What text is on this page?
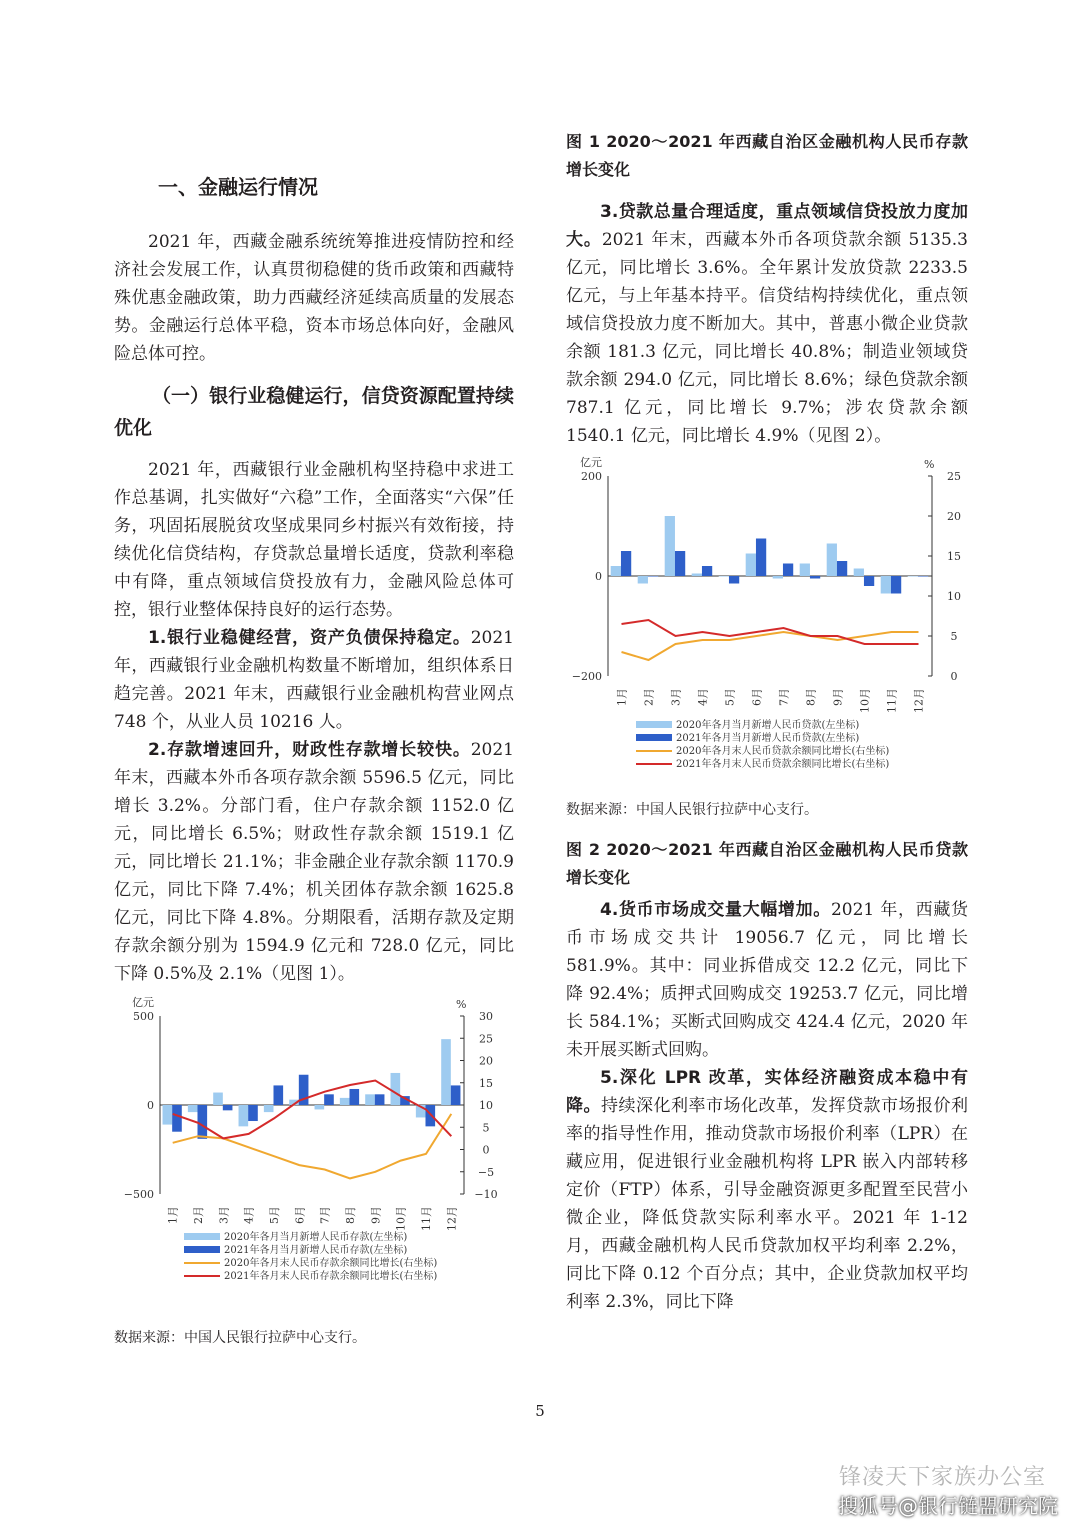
一、金融运行情况

2021 年，西藏金融系统统筹推进疫情防控和经济社会发展工作，认真贯彻稳健的货币政策和西藏特殊优惠金融政策，助力西藏经济延续高质量的发展态势。金融运行总体平稳，资本市场总体向好，金融风险总体可控。

（一）银行业稳健运行，信贷资源配置持续优化

2021 年，西藏银行业金融机构坚持稳中求进工作总基调，扎实做好“六稳”工作，全面落实“六保”任务，巩固拓展脱贫攻坚成果同乡村振兴有效衔接，持续优化信贷结构，存贷款总量增长适度，贷款利率稳中有降，重点领域信贷投放有力，金融风险总体可控，银行业整体保持良好的运行态势。

1.银行业稳健经营，资产负债保持稳定。2021 年，西藏银行业金融机构数量不断增加，组织体系日趋完善。2021 年末，西藏银行业金融机构营业网点 748 个，从业人员 10216 人。

2.存款增速回升，财政性存款增长较快。2021 年末，西藏本外币各项存款余额 5596.5 亿元，同比增长 3.2%。分部门看，住户存款余额 1152.0 亿元，同比增长 6.5%；财政性存款余额 1519.1 亿元，同比增长 21.1%；非金融企业存款余额 1170.9 亿元，同比下降 7.4%；机关团体存款余额 1625.8 亿元，同比下降 4.8%。分期限看，活期存款及定期存款余额分别为 1594.9 亿元和 728.0 亿元，同比下降 0.5%及 2.1%（见图 1）。

亿元	%
500
0
−500
30
25
20
15
10
5
0
−5
−10
1月 2月 3月 4月 5月 6月 7月 8月 9月 10月 11月 12月
2020年各月当月新增人民币存款(左坐标)
2021年各月当月新增人民币存款(左坐标)
2020年各月末人民币存款余额同比增长(右坐标)
2021年各月末人民币存款余额同比增长(右坐标)

数据来源：中国人民银行拉萨中心支行。

图 1 2020～2021 年西藏自治区金融机构人民币存款增长变化

3.贷款总量合理适度，重点领域信贷投放力度加大。2021 年末，西藏本外币各项贷款余额 5135.3 亿元，同比增长 3.6%。全年累计发放贷款 2233.5 亿元，与上年基本持平。信贷结构持续优化，重点领域信贷投放力度不断加大。其中，普惠小微企业贷款余额 181.3 亿元，同比增长 40.8%；制造业领域贷款余额 294.0 亿元，同比增长 8.6%；绿色贷款余额 787.1 亿元，同比增长 9.7%；涉农贷款余额 1540.1 亿元，同比增长 4.9%（见图 2）。

亿元	%
200
0
−200
25
20
15
10
5
0
1月 2月 3月 4月 5月 6月 7月 8月 9月 10月 11月 12月
2020年各月当月新增人民币贷款(左坐标)
2021年各月当月新增人民币贷款(左坐标)
2020年各月末人民币贷款余额同比增长(右坐标)
2021年各月末人民币贷款余额同比增长(右坐标)

数据来源：中国人民银行拉萨中心支行。

图 2 2020～2021 年西藏自治区金融机构人民币贷款增长变化

4.货币市场成交量大幅增加。2021 年，西藏货币市场成交共计 19056.7 亿元，同比增长 581.9%。其中：同业拆借成交 12.2 亿元，同比下降 92.4%；质押式回购成交 19253.7 亿元，同比增长 584.1%；买断式回购成交 424.4 亿元，2020 年未开展买断式回购。

5.深化 LPR 改革，实体经济融资成本稳中有降。持续深化利率市场化改革，发挥贷款市场报价利率的指导性作用，推动贷款市场报价利率（LPR）在藏应用，促进银行业金融机构将 LPR 嵌入内部转移定价（FTP）体系，引导金融资源更多配置至民营小微企业，降低贷款实际利率水平。2021 年 1-12 月，西藏金融机构人民币贷款加权平均利率 2.2%，同比下降 0.12 个百分点；其中，企业贷款加权平均利率 2.3%，同比下降

5
锋凌天下家族办公室
搜狐号@银行链盟研究院
